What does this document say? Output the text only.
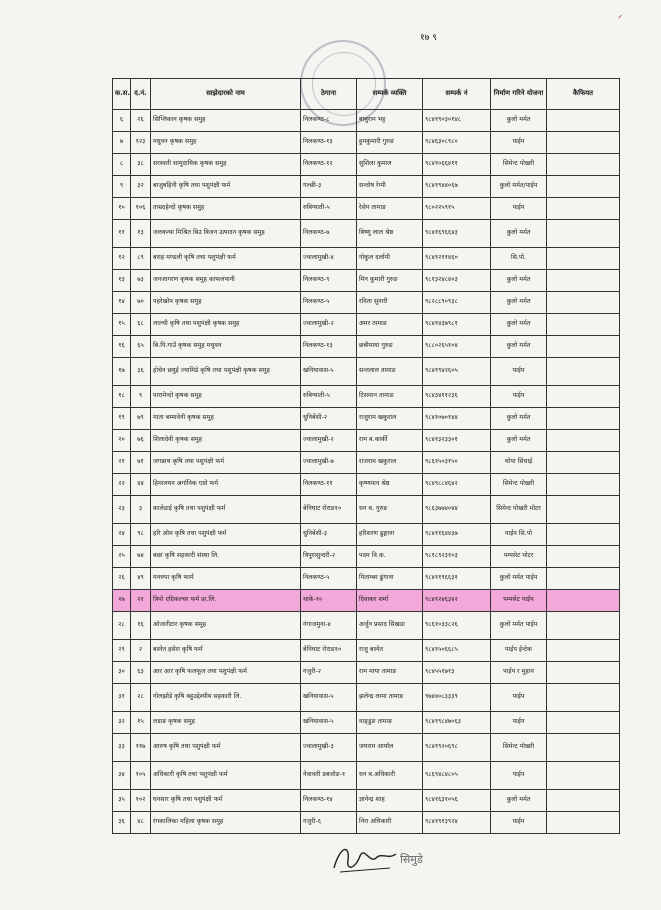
ᐟ
१७ ९
क.स.	द.नं.	साझेदारको नाम	ठेगाना	सम्पर्क व्यक्ति	सम्पर्क नं	निर्माण गरिने योजना	कैफियत
६	२६	सिप्लिकान कृषक समुह	निलकण्ठ-८	बाबुराम भट्ट	९८४१९०३०१४८	कुलो मर्मत	
७	१२३	मधुवन कृषक समुह	निलकण्ठ-१३	हुमकुमारी गुरुङ	९८४६३०८९८०	पाईप	
८	३८	सरस्वती सामुदायिक कृषक समुह	निलकण्ठ-१२	सुशिला कुमाल	९८४१०६६४११	सिमेन्ट पोखरी	
९	३२	बाजुबहिनी कृषि तथा पशुपंक्षी फर्म	गल्छी-३	सन्तोष रेग्मी	९८४१९४४०६७	कुलो मर्मत/पाईप	
१०	१०६	ताम्रदहेन्दो कृषक समुह	रुबिग्याती-५	रेसेप तामाङ	९८०२२५९१५	पाईप	
११	१३	जलकन्या मिश्रित बिउ बिजन उत्पादन कृषक समुह	निलकण्ठ-७	बिष्णु लाल श्रेष्ठ	९८४१६९६६४३	कुलो मर्मत	
१२	८९	बराह मण्डली कृषि तथा पशुपंक्षी फर्म	ज्वालामुखी-४	गोकुल दर्लामी	९८४१२११४६०	सि.पो.	
१३	७३	जनजागरण कृषक समुह काफलपानी	निलकण्ठ-९	मिन कुमारी गुरुङ	९८१३२४८४०३	कुलो मर्मत	
१४	७०	पहरेखोप कृषक समुह	निलकण्ठ-५	रविता सुनारी	९८२८८९०९३८	कुलो मर्मत	
१५	६८	लाल्थी कृषि तथा पशुपंक्षी कृषक समुह	ज्वालामुखी-२	अमर तामाङ	९८४१४३७९८१	कुलो मर्मत	
१६	६५	बि.पि.गाउँ कृषक समुह मधुवन	निलकण्ठ-१३	छबीमाया गुरुङ	९८८०२६५१०४	कुलो मर्मत	
१७	३६	होचेन छयुई ज्यामिडे कृषि तथा पशुपंक्षी कृषक समुह	खनियावास-५	सन्तलाल तामाङ	९८४१९४२६०५	पाईप	
१८	९	पारामेन्दो कृषक समुह	रुबिग्याती-५	टिसमान तामाङ	९८४३४११२३६	पाईप	
१९	७९	माता बम्मावेनी कृषक समुह	धुनिबेंशी-२	राजुराम खकुराल	९८४१०७०१४४	कुलो मर्मत	
२०	७६	शिलादेवी कृषक समुह	ज्वालामुखी-२	राम ब.कार्की	९८४१३२३३०१	कुलो मर्मत	
२१	७१	जगन्नाथ कृषि तथा पशुपंक्षी फर्म	ज्वालामुखी-७	राजराम खकुराल	९८६१५०३१५०	थोपा सिंचाई	
२२	४४	हिमालयन अर्गानिक एग्रो फर्म	निलकण्ठ-११	कृष्णमान श्रेष्ठ	९८४९८८४६४२	सिमेन्ट पोखरी	
२३	३	कालेडाई कृषि तथा पशुपंक्षी फर्म	बेनिघाट रोराङ१०	धन ब. गुरुङ	९८६३७७४०४४	सिमेन्ट पोखरी मोटर	
२४	९८	हरि ओम कृषि तथा पशुपंक्षी फर्म	धुनिबेंशी-३	हरिशरण ढुङ्गाना	९८४११६४४३७	पाईप सि.पो	
२५	७४	बछा कृषि सहकारी संस्था लि.	त्रिपुरासुन्दरी-२	पदम वि.क.	९८१८९२३१०३	पम्पसेट मोटर	
२६	४९	मनरुपा कृषि फार्म	निलकण्ठ-५	पिताम्बर ढुंगाना	९८४११९६६३१	कुलो मर्मत पाईप	
२७	२१	त्रिपो एग्रिकल्चर फर्म प्रा.लि.	थाके-१०	दिवाकर शर्मा	९८४१२४६३४२	पम्पसेट पाईप	
२८	१६	ओजारीटार कृषक समुह	गंगाजमुना-४	अर्जुन प्रसाद सिखडा	९८६१०३३८२६	कुलो मर्मत पाईप	
२९	२	बस्नेत हसेरा कृषि फर्म	बेनिघाट रोराङ१०	राजु बस्नेत	९८४१५०६६८५	पाईप ईन्टेक	
३०	६३	आर आर कृषि फलफूल तथा पशुपंक्षी फर्म	गजुरी-२	राम माया तामाङ	९८४५५१७१३	पाईप र मुहान	
३१	२८	गोलझोडे कृषि बहुउद्देश्यीय सहकारी लि.	खनियावास-५	झलेन्द्र लामा तामाङ	९७४४०८३३३९	पाईप	
३२	१५	लडाङ कृषक समुह	खनियावास-५	वाङ्डुङ तामाङ	९८४१९८४७०६३	पाईप	
३३	११७	आरुष कृषि तथा पशुपंक्षी फर्म	ज्वालामुखी-३	जयराम आर्याल	९८४१९२०६९८	सिमेन्ट पोखरी	
३४	१०५	अधिकारी कृषि तथा पशुपंक्षी फर्म	नेत्रावती डबजोङ-१	धन ब.अधिकारी	९८६९४८४८०५	पाईप	
३५	१०२	घनसार कृषि तथा पशुपंक्षी फर्म	निलकण्ठ-१४	ज्ञानेन्द्र शाह	९८४१६३१०५६	कुलो मर्मत	
३६	४८	रंगकालिका महिला कृषक समुह	गजुरी-६	निरा अधिकारी	९८४१९१३९२४	पाईप	
सिमुडे
